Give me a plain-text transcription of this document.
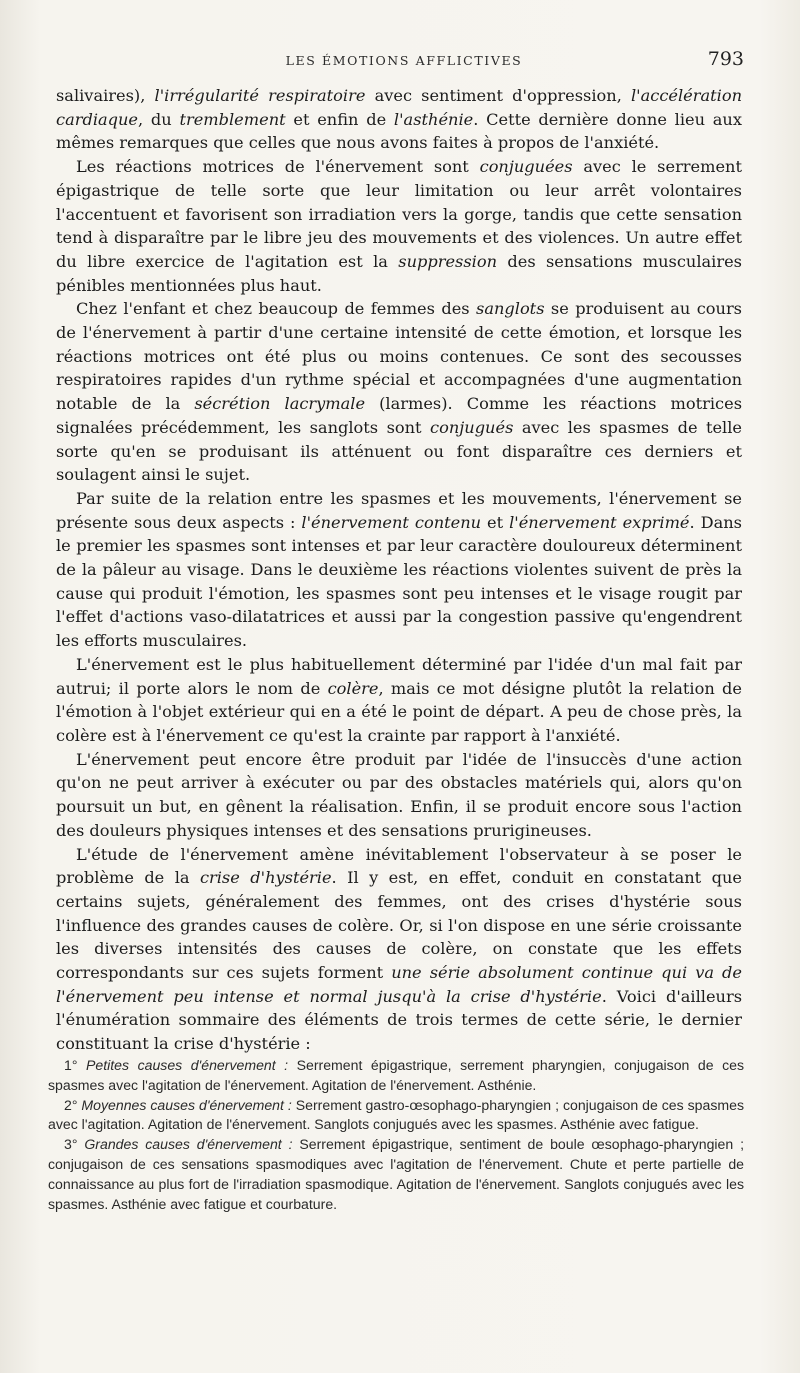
LES ÉMOTIONS AFFLICTIVES	793

salivaires), l'irrégularité respiratoire avec sentiment d'oppression, l'accélération cardiaque, du tremblement et enfin de l'asthénie. Cette dernière donne lieu aux mêmes remarques que celles que nous avons faites à propos de l'anxiété.

Les réactions motrices de l'énervement sont conjuguées avec le serrement épigastrique de telle sorte que leur limitation ou leur arrêt volontaires l'accentuent et favorisent son irradiation vers la gorge, tandis que cette sensation tend à disparaître par le libre jeu des mouvements et des violences. Un autre effet du libre exercice de l'agitation est la suppression des sensations musculaires pénibles mentionnées plus haut.

Chez l'enfant et chez beaucoup de femmes des sanglots se produisent au cours de l'énervement à partir d'une certaine intensité de cette émotion, et lorsque les réactions motrices ont été plus ou moins contenues. Ce sont des secousses respiratoires rapides d'un rythme spécial et accompagnées d'une augmentation notable de la sécrétion lacrymale (larmes). Comme les réactions motrices signalées précédemment, les sanglots sont conjugués avec les spasmes de telle sorte qu'en se produisant ils atténuent ou font disparaître ces derniers et soulagent ainsi le sujet.

Par suite de la relation entre les spasmes et les mouvements, l'énervement se présente sous deux aspects : l'énervement contenu et l'énervement exprimé. Dans le premier les spasmes sont intenses et par leur caractère douloureux déterminent de la pâleur au visage. Dans le deuxième les réactions violentes suivent de près la cause qui produit l'émotion, les spasmes sont peu intenses et le visage rougit par l'effet d'actions vaso-dilatatrices et aussi par la congestion passive qu'engendrent les efforts musculaires.

L'énervement est le plus habituellement déterminé par l'idée d'un mal fait par autrui; il porte alors le nom de colère, mais ce mot désigne plutôt la relation de l'émotion à l'objet extérieur qui en a été le point de départ. A peu de chose près, la colère est à l'énervement ce qu'est la crainte par rapport à l'anxiété.

L'énervement peut encore être produit par l'idée de l'insuccès d'une action qu'on ne peut arriver à exécuter ou par des obstacles matériels qui, alors qu'on poursuit un but, en gênent la réalisation. Enfin, il se produit encore sous l'action des douleurs physiques intenses et des sensations prurigineuses.

L'étude de l'énervement amène inévitablement l'observateur à se poser le problème de la crise d'hystérie. Il y est, en effet, conduit en constatant que certains sujets, généralement des femmes, ont des crises d'hystérie sous l'influence des grandes causes de colère. Or, si l'on dispose en une série croissante les diverses intensités des causes de colère, on constate que les effets correspondants sur ces sujets forment une série absolument continue qui va de l'énervement peu intense et normal jusqu'à la crise d'hystérie. Voici d'ailleurs l'énumération sommaire des éléments de trois termes de cette série, le dernier constituant la crise d'hystérie :

1° Petites causes d'énervement : Serrement épigastrique, serrement pharyngien, conjugaison de ces spasmes avec l'agitation de l'énervement. Agitation de l'énervement. Asthénie.

2° Moyennes causes d'énervement : Serrement gastro-œsophago-pharyngien ; conjugaison de ces spasmes avec l'agitation. Agitation de l'énervement. Sanglots conjugués avec les spasmes. Asthénie avec fatigue.

3° Grandes causes d'énervement : Serrement épigastrique, sentiment de boule œsophago-pharyngien ; conjugaison de ces sensations spasmodiques avec l'agitation de l'énervement. Chute et perte partielle de connaissance au plus fort de l'irradiation spasmodique. Agitation de l'énervement. Sanglots conjugués avec les spasmes. Asthénie avec fatigue et courbature.
